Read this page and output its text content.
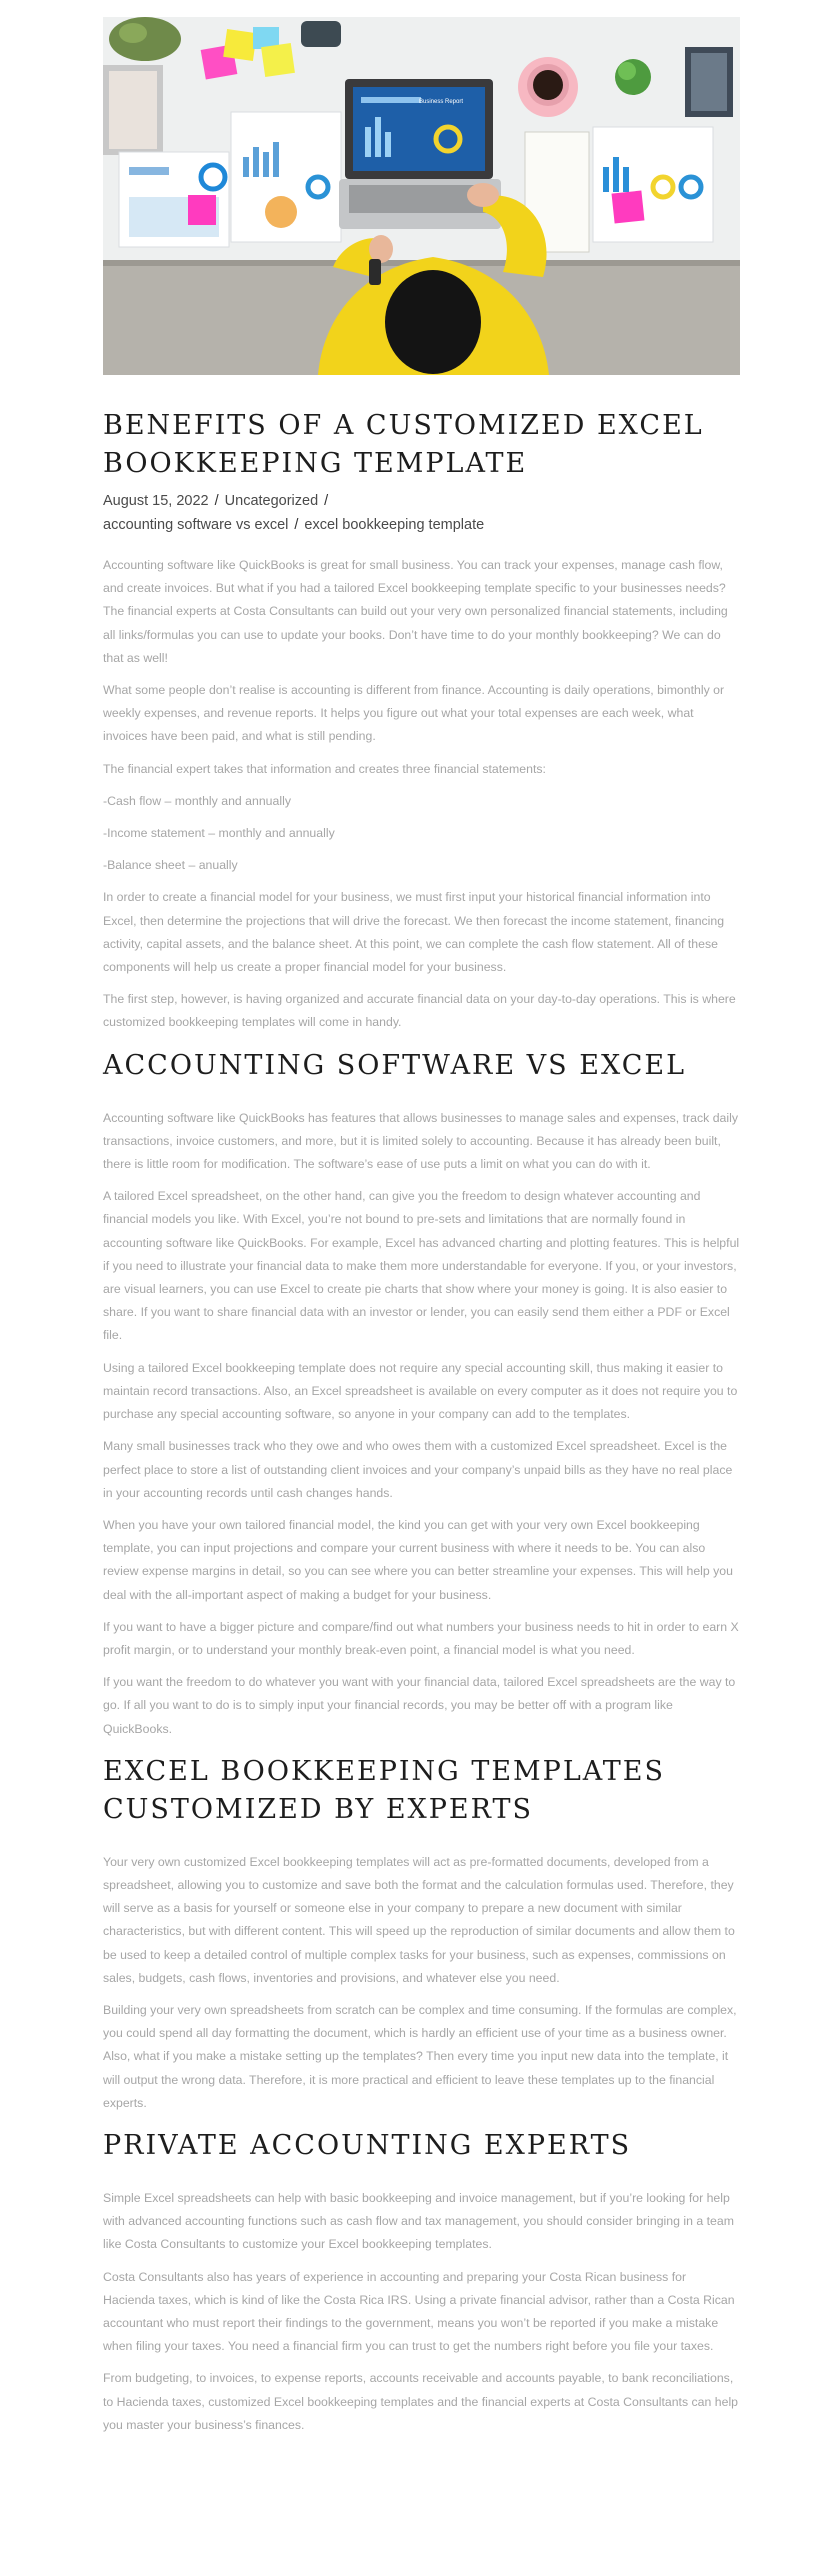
Business Report
BENEFITS OF A CUSTOMIZED EXCEL BOOKKEEPING TEMPLATE
August 15, 2022 / Uncategorized /
accounting software vs excel / excel bookkeeping template

Accounting software like QuickBooks is great for small business. You can track your expenses, manage cash flow, and create invoices. But what if you had a tailored Excel bookkeeping template specific to your businesses needs? The financial experts at Costa Consultants can build out your very own personalized financial statements, including all links/formulas you can use to update your books. Don’t have time to do your monthly bookkeeping? We can do that as well!

What some people don’t realise is accounting is different from finance. Accounting is daily operations, bimonthly or weekly expenses, and revenue reports. It helps you figure out what your total expenses are each week, what invoices have been paid, and what is still pending.

The financial expert takes that information and creates three financial statements:

-Cash flow – monthly and annually

-Income statement – monthly and annually

-Balance sheet – anually

In order to create a financial model for your business, we must first input your historical financial information into Excel, then determine the projections that will drive the forecast. We then forecast the income statement, financing activity, capital assets, and the balance sheet. At this point, we can complete the cash flow statement. All of these components will help us create a proper financial model for your business.

The first step, however, is having organized and accurate financial data on your day-to-day operations. This is where customized bookkeeping templates will come in handy.

ACCOUNTING SOFTWARE VS EXCEL

Accounting software like QuickBooks has features that allows businesses to manage sales and expenses, track daily transactions, invoice customers, and more, but it is limited solely to accounting. Because it has already been built, there is little room for modification. The software’s ease of use puts a limit on what you can do with it.

A tailored Excel spreadsheet, on the other hand, can give you the freedom to design whatever accounting and financial models you like. With Excel, you’re not bound to pre-sets and limitations that are normally found in accounting software like QuickBooks. For example, Excel has advanced charting and plotting features. This is helpful if you need to illustrate your financial data to make them more understandable for everyone. If you, or your investors, are visual learners, you can use Excel to create pie charts that show where your money is going. It is also easier to share. If you want to share financial data with an investor or lender, you can easily send them either a PDF or Excel file.

Using a tailored Excel bookkeeping template does not require any special accounting skill, thus making it easier to maintain record transactions. Also, an Excel spreadsheet is available on every computer as it does not require you to purchase any special accounting software, so anyone in your company can add to the templates.

Many small businesses track who they owe and who owes them with a customized Excel spreadsheet. Excel is the perfect place to store a list of outstanding client invoices and your company’s unpaid bills as they have no real place in your accounting records until cash changes hands.

When you have your own tailored financial model, the kind you can get with your very own Excel bookkeeping template, you can input projections and compare your current business with where it needs to be. You can also review expense margins in detail, so you can see where you can better streamline your expenses. This will help you deal with the all-important aspect of making a budget for your business.

If you want to have a bigger picture and compare/find out what numbers your business needs to hit in order to earn X profit margin, or to understand your monthly break-even point, a financial model is what you need.

If you want the freedom to do whatever you want with your financial data, tailored Excel spreadsheets are the way to go. If all you want to do is to simply input your financial records, you may be better off with a program like QuickBooks.

EXCEL BOOKKEEPING TEMPLATES CUSTOMIZED BY EXPERTS

Your very own customized Excel bookkeeping templates will act as pre-formatted documents, developed from a spreadsheet, allowing you to customize and save both the format and the calculation formulas used. Therefore, they will serve as a basis for yourself or someone else in your company to prepare a new document with similar characteristics, but with different content. This will speed up the reproduction of similar documents and allow them to be used to keep a detailed control of multiple complex tasks for your business, such as expenses, commissions on sales, budgets, cash flows, inventories and provisions, and whatever else you need.

Building your very own spreadsheets from scratch can be complex and time consuming. If the formulas are complex, you could spend all day formatting the document, which is hardly an efficient use of your time as a business owner. Also, what if you make a mistake setting up the templates? Then every time you input new data into the template, it will output the wrong data. Therefore, it is more practical and efficient to leave these templates up to the financial experts.

PRIVATE ACCOUNTING EXPERTS

Simple Excel spreadsheets can help with basic bookkeeping and invoice management, but if you’re looking for help with advanced accounting functions such as cash flow and tax management, you should consider bringing in a team like Costa Consultants to customize your Excel bookkeeping templates.

Costa Consultants also has years of experience in accounting and preparing your Costa Rican business for Hacienda taxes, which is kind of like the Costa Rica IRS. Using a private financial advisor, rather than a Costa Rican accountant who must report their findings to the government, means you won’t be reported if you make a mistake when filing your taxes. You need a financial firm you can trust to get the numbers right before you file your taxes.

From budgeting, to invoices, to expense reports, accounts receivable and accounts payable, to bank reconciliations, to Hacienda taxes, customized Excel bookkeeping templates and the financial experts at Costa Consultants can help you master your business’s finances.
